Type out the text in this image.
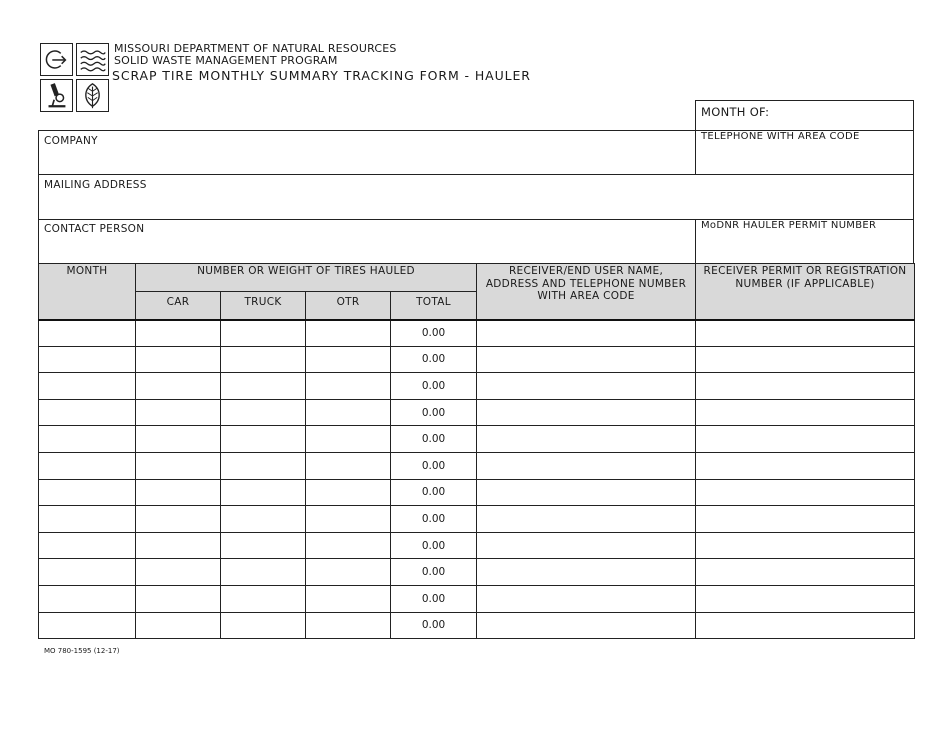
MISSOURI DEPARTMENT OF NATURAL RESOURCES
SOLID WASTE MANAGEMENT PROGRAM
SCRAP TIRE MONTHLY SUMMARY TRACKING FORM - HAULER
MONTH OF:
COMPANY	TELEPHONE WITH AREA CODE
MAILING ADDRESS
CONTACT PERSON	MoDNR HAULER PERMIT NUMBER
MONTH	NUMBER OR WEIGHT OF TIRES HAULED				RECEIVER/END USER NAME, ADDRESS AND TELEPHONE NUMBER WITH AREA CODE	RECEIVER PERMIT OR REGISTRATION NUMBER (IF APPLICABLE)
	CAR	TRUCK	OTR	TOTAL		
				0.00		
				0.00		
				0.00		
				0.00		
				0.00		
				0.00		
				0.00		
				0.00		
				0.00		
				0.00		
				0.00		
				0.00		
MO 780-1595 (12-17)
